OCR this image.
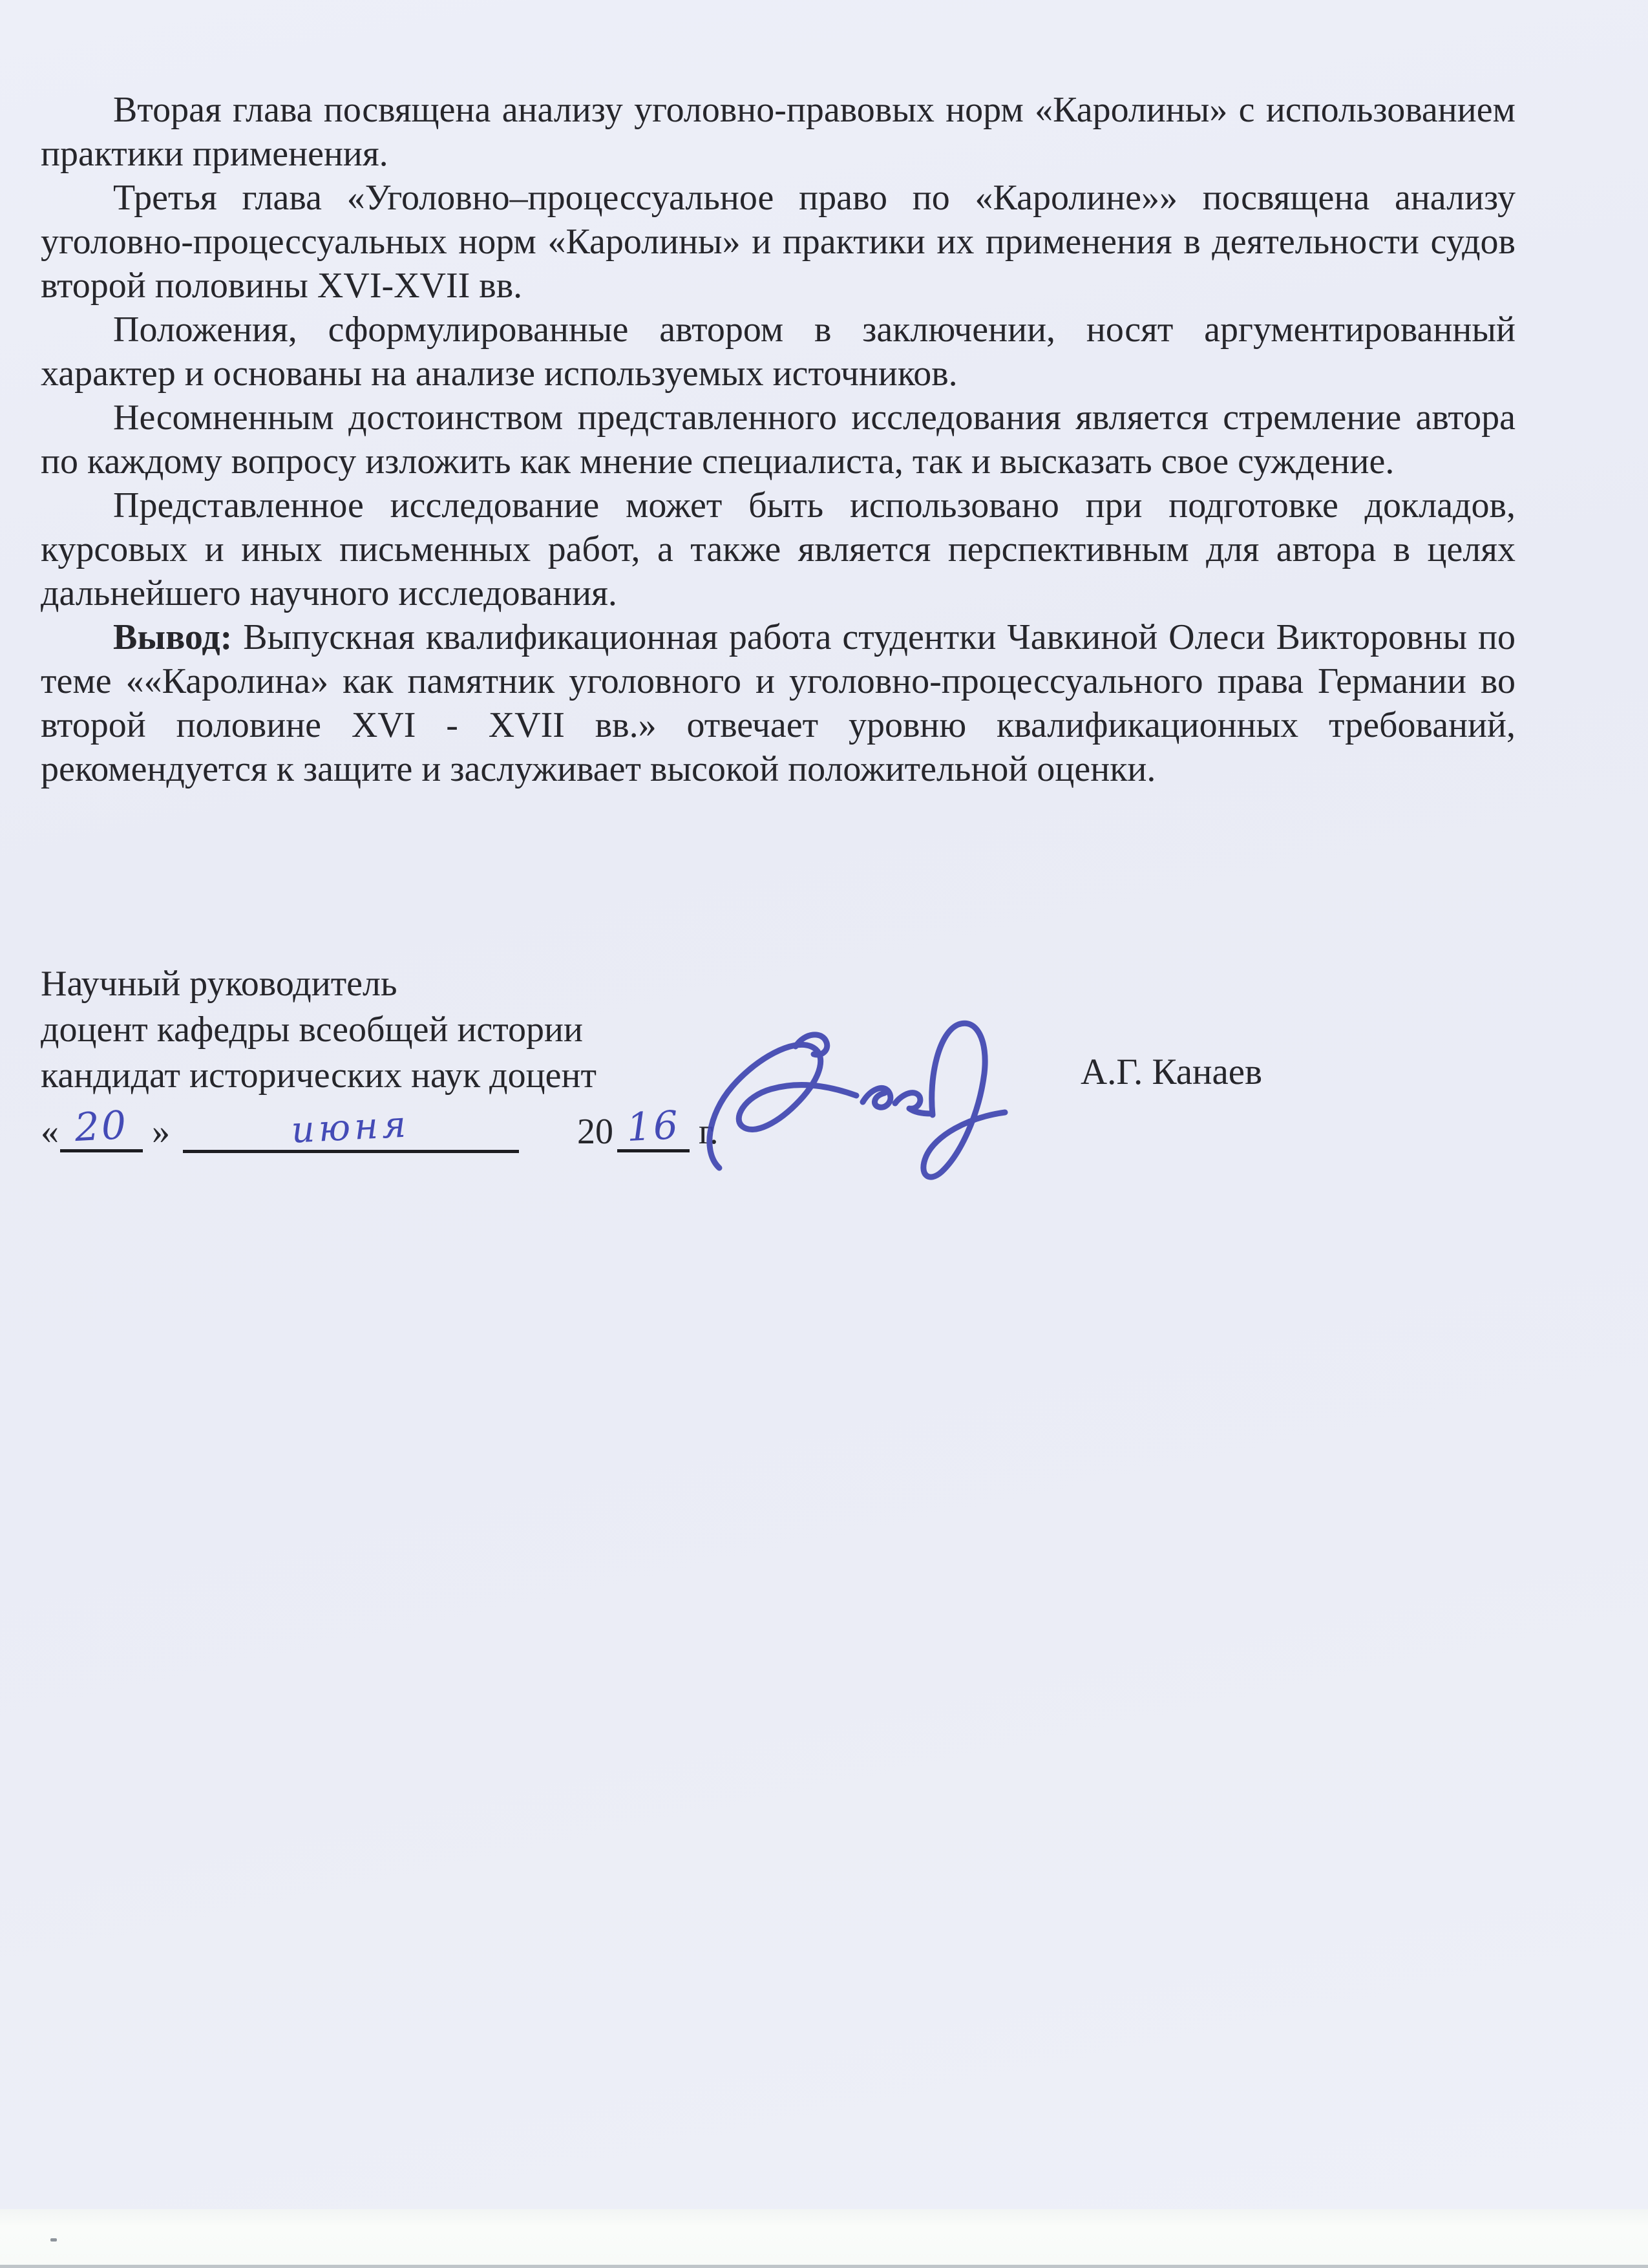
Вторая глава посвящена анализу уголовно-правовых норм «Каролины» с использованием практики применения.

Третья глава «Уголовно–процессуальное право по «Каролине»» посвящена анализу уголовно-процессуальных норм «Каролины» и практики их применения в деятельности судов второй половины XVI-XVII вв.

Положения, сформулированные автором в заключении, носят аргументированный характер и основаны на анализе используемых источников.

Несомненным достоинством представленного исследования является стремление автора по каждому вопросу изложить как мнение специалиста, так и высказать свое суждение.

Представленное исследование может быть использовано при подготовке докладов, курсовых и иных письменных работ, а также является перспективным для автора в целях дальнейшего научного исследования.

Вывод: Выпускная квалификационная работа студентки Чавкиной Олеси Викторовны по теме ««Каролина» как памятник уголовного и уголовно-процессуального права Германии во второй половине XVI - XVII вв.» отвечает уровню квалификационных требований, рекомендуется к защите и заслуживает высокой положительной оценки.

Научный руководитель
доцент кафедры всеобщей истории
кандидат исторических наук доцент
« 20 »	июня	20 16 г.
А.Г. Канаев
